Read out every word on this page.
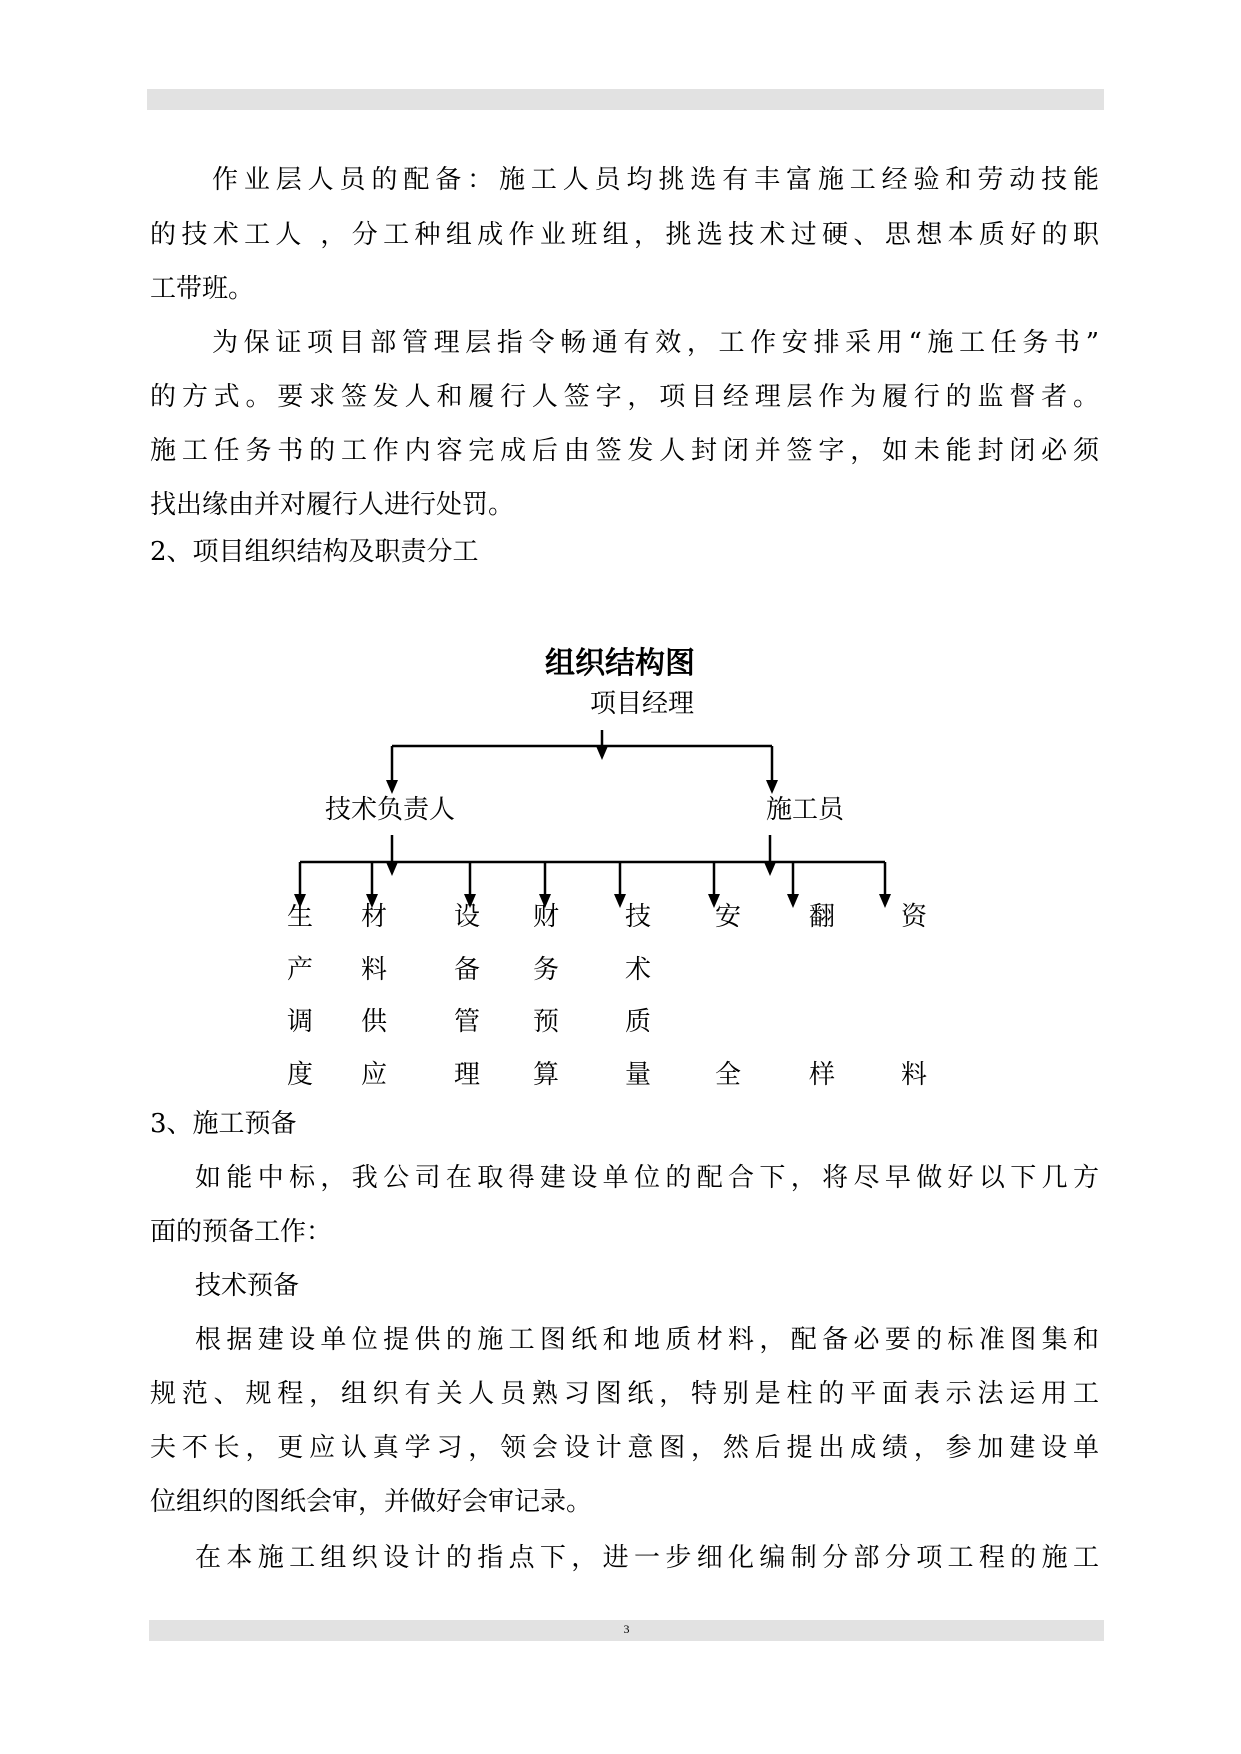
作业层人员的配备：施工人员均挑选有丰富施工经验和劳动技能
的技术工人 ，分工种组成作业班组，挑选技术过硬、思想本质好的职
工带班。
为保证项目部管理层指令畅通有效，工作安排采用“施工任务书”
的方式。要求签发人和履行人签字，项目经理层作为履行的监督者。
施工任务书的工作内容完成后由签发人封闭并签字，如未能封闭必须
找出缘由并对履行人进行处罚。
2、项目组织结构及职责分工
组织结构图
项目经理
技术负责人	施工员
生
产
调
度
材
料
供
应
设
备
管
理
财
务
预
算
技
术
质
量
安
全
翻
样
资
料
3、施工预备
如能中标，我公司在取得建设单位的配合下，将尽早做好以下几方
面的预备工作：
技术预备
根据建设单位提供的施工图纸和地质材料，配备必要的标准图集和
规范、规程，组织有关人员熟习图纸，特别是柱的平面表示法运用工
夫不长，更应认真学习，领会设计意图，然后提出成绩，参加建设单
位组织的图纸会审，并做好会审记录。
在本施工组织设计的指点下，进一步细化编制分部分项工程的施工
3
